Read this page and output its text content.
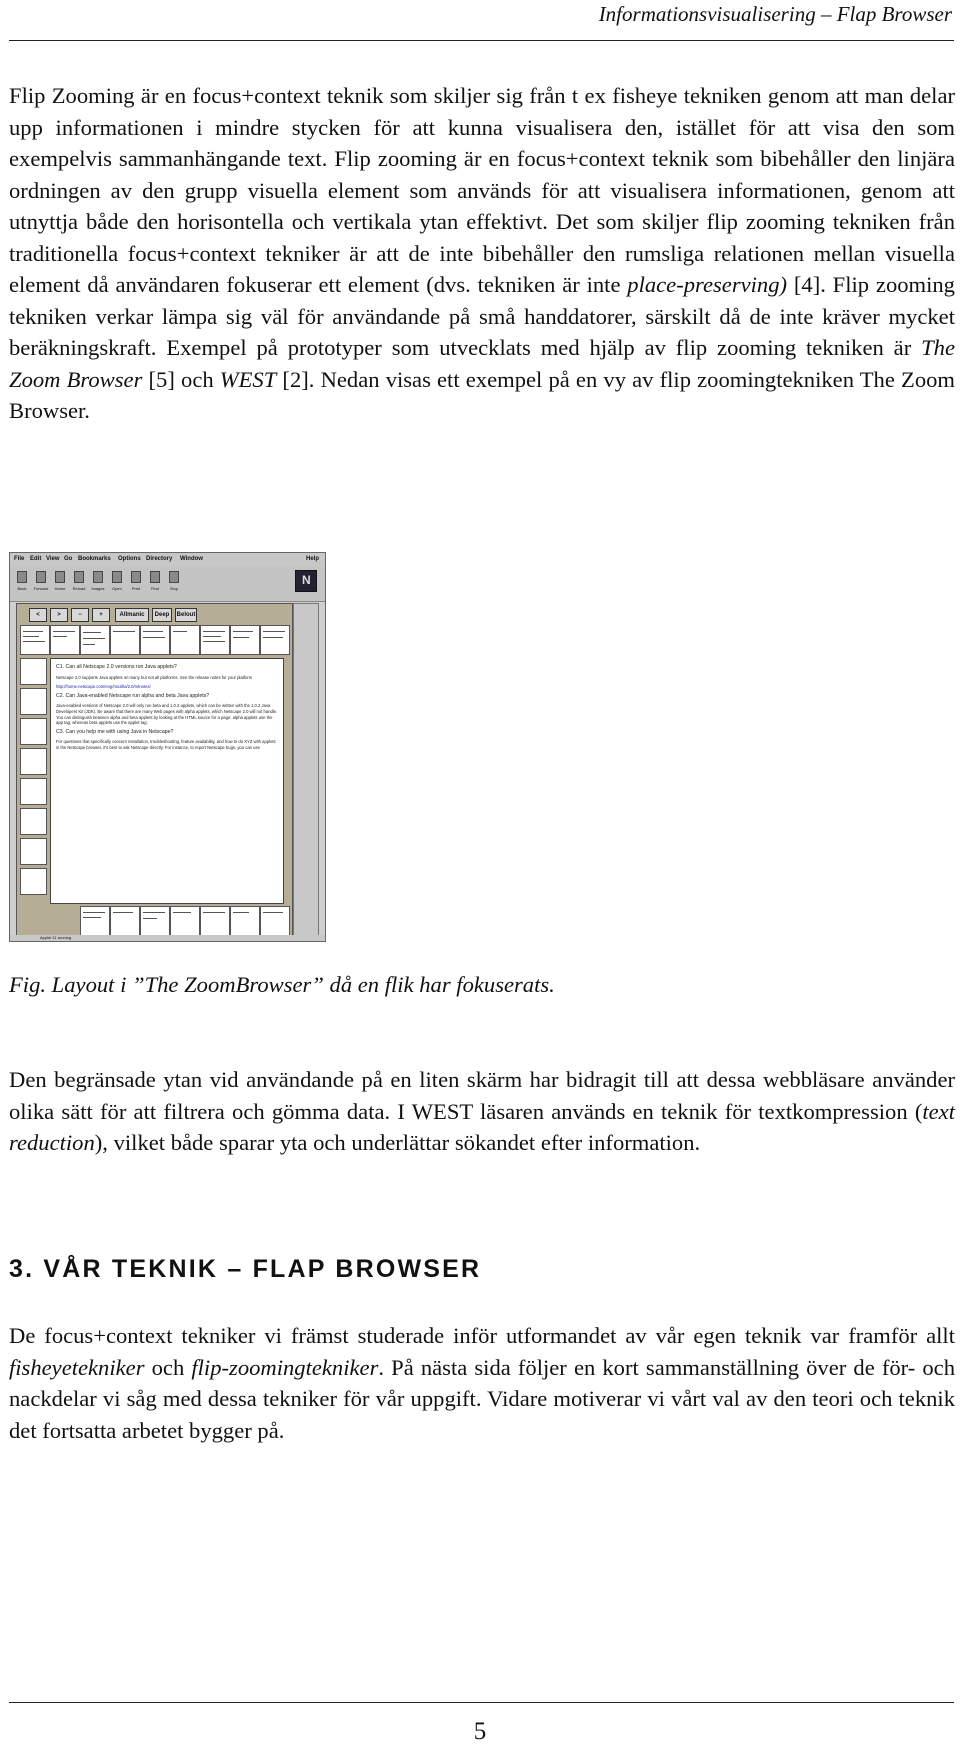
Informationsvisualisering – Flap Browser

Flip Zooming är en focus+context teknik som skiljer sig från t ex fisheye tekniken genom att man delar upp informationen i mindre stycken för att kunna visualisera den, istället för att visa den som exempelvis sammanhängande text. Flip zooming är en focus+context teknik som bibehåller den linjära ordningen av den grupp visuella element som används för att visualisera informationen, genom att utnyttja både den horisontella och vertikala ytan effektivt. Det som skiljer flip zooming tekniken från traditionella focus+context tekniker är att de inte bibehåller den rumsliga relationen mellan visuella element då användaren fokuserar ett element (dvs. tekniken är inte place-preserving) [4]. Flip zooming tekniken verkar lämpa sig väl för användande på små handdatorer, särskilt då de inte kräver mycket beräkningskraft. Exempel på prototyper som utvecklats med hjälp av flip zooming tekniken är The Zoom Browser [5] och WEST [2]. Nedan visas ett exempel på en vy av flip zoomingtekniken The Zoom Browser.

File Edit View Go Bookmarks Options Directory Window	Help
Back	Forward	Home	Reload	Images	Open	Print	Find	Stop
N
<	>	−	+	Allmanic	Deep	Belout

C1. Can all Netscape 2.0 versions run Java applets?

Netscape 2.0 supports Java applets on many but not all platforms. See the release notes for your platform

http://home.netscape.com/eng/mozilla/2.0/relnotes/

C2. Can Java-enabled Netscape run alpha and beta Java applets?

Java-enabled versions of Netscape 2.0 will only run beta and 1.0.2 applets, which can be written with the 1.0.2 Java Developers Kit (JDK). Be aware that there are many Web pages with alpha applets, which Netscape 2.0 will not handle. You can distinguish between alpha and beta applets by looking at the HTML source for a page: alpha applets use the app tag, whereas beta applets use the applet tag.

C3. Can you help me with using Java in Netscape?

For questions that specifically concern installation, troubleshooting, feature availability, and how to do XYZ with applets in the Netscape browser, it's best to ask Netscape directly. For instance, to report Netscape bugs, you can use

Applet 11 running

Fig. Layout i ”The ZoomBrowser” då en flik har fokuserats.

Den begränsade ytan vid användande på en liten skärm har bidragit till att dessa webbläsare använder olika sätt för att filtrera och gömma data. I WEST läsaren används en teknik för textkompression (text reduction), vilket både sparar yta och underlättar sökandet efter information.

3. VÅR TEKNIK – FLAP BROWSER

De focus+context tekniker vi främst studerade inför utformandet av vår egen teknik var framför allt fisheyetekniker och flip-zoomingtekniker. På nästa sida följer en kort sammanställning över de för- och nackdelar vi såg med dessa tekniker för vår uppgift. Vidare motiverar vi vårt val av den teori och teknik det fortsatta arbetet bygger på.

5
